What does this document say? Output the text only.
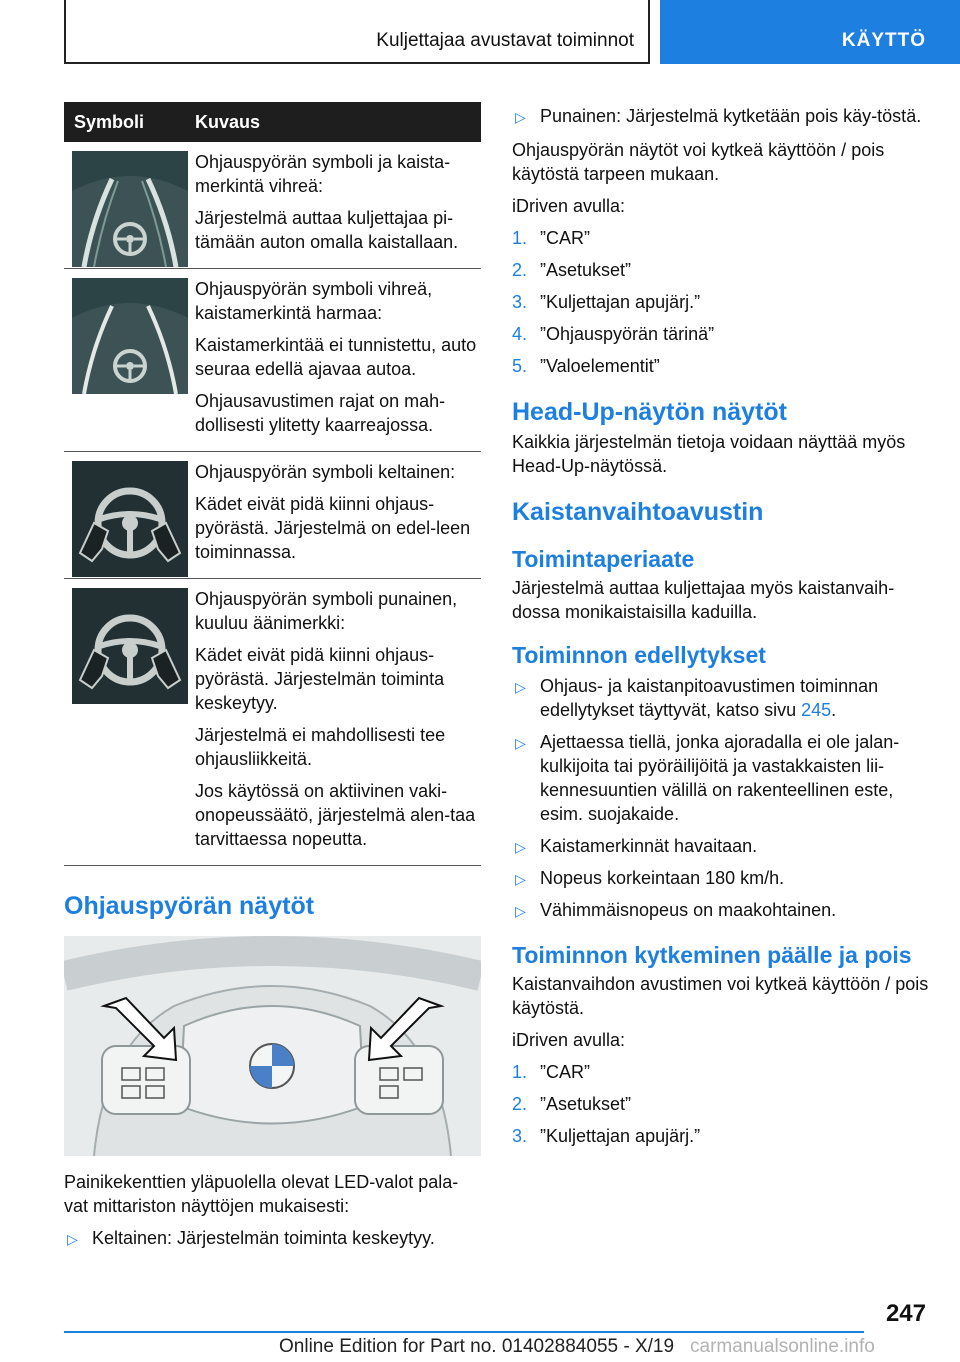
Kuljettajaa avustavat toiminnot	KÄYTTÖ
Symboli	Kuvaus

Ohjauspyörän symboli ja kaista-merkintä vihreä:
Järjestelmä auttaa kuljettajaa pi-tämään auton omalla kaistallaan.

Ohjauspyörän symboli vihreä, kaistamerkintä harmaa:
Kaistamerkintää ei tunnistettu, auto seuraa edellä ajavaa autoa.
Ohjausavustimen rajat on mah-dollisesti ylitetty kaarreajossa.

Ohjauspyörän symboli keltainen:
Kädet eivät pidä kiinni ohjaus-pyörästä. Järjestelmä on edel-leen toiminnassa.

Ohjauspyörän symboli punainen, kuuluu äänimerkki:
Kädet eivät pidä kiinni ohjaus-pyörästä. Järjestelmän toiminta keskeytyy.
Järjestelmä ei mahdollisesti tee ohjausliikkeitä.
Jos käytössä on aktiivinen vaki-onopeussäätö, järjestelmä alen-taa tarvittaessa nopeutta.
Ohjauspyörän näytöt
Painikekenttien yläpuolella olevat LED-valot pala-vat mittariston näyttöjen mukaisesti:
▷ Keltainen: Järjestelmän toiminta keskeytyy.
▷ Punainen: Järjestelmä kytketään pois käy-töstä.
Ohjauspyörän näytöt voi kytkeä käyttöön / pois käytöstä tarpeen mukaan.
iDriven avulla:
1. ”CAR”
2. ”Asetukset”
3. ”Kuljettajan apujärj.”
4. ”Ohjauspyörän tärinä”
5. ”Valoelementit”
Head-Up-näytön näytöt
Kaikkia järjestelmän tietoja voidaan näyttää myös Head-Up-näytössä.
Kaistanvaihtoavustin
Toimintaperiaate
Järjestelmä auttaa kuljettajaa myös kaistanvaih-dossa monikaistaisilla kaduilla.
Toiminnon edellytykset
▷ Ohjaus- ja kaistanpitoavustimen toiminnan edellytykset täyttyvät, katso sivu 245.
▷ Ajettaessa tiellä, jonka ajoradalla ei ole jalan-kulkijoita tai pyöräilijöitä ja vastakkaisten lii-kennesuuntien välillä on rakenteellinen este, esim. suojakaide.
▷ Kaistamerkinnät havaitaan.
▷ Nopeus korkeintaan 180 km/h.
▷ Vähimmäisnopeus on maakohtainen.
Toiminnon kytkeminen päälle ja pois
Kaistanvaihdon avustimen voi kytkeä käyttöön / pois käytöstä.
iDriven avulla:
1. ”CAR”
2. ”Asetukset”
3. ”Kuljettajan apujärj.”
247
Online Edition for Part no. 01402884055 - X/19 carmanualsonline.info
